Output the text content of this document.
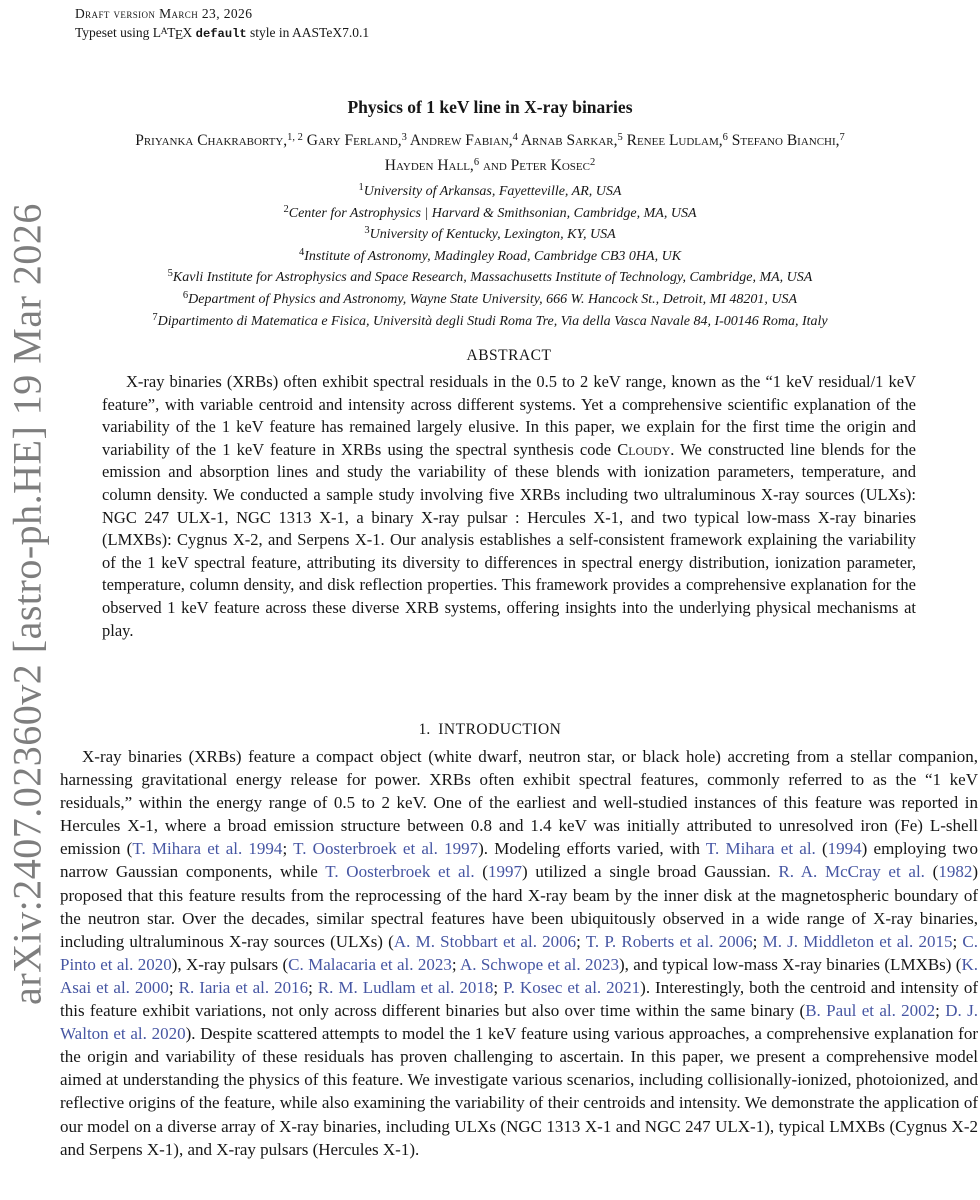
arXiv:2407.02360v2 [astro-ph.HE] 19 Mar 2026
Draft version March 23, 2026
Typeset using $L^ATEX$ default style in AASTeX7.0.1
Physics of 1 keV line in X-ray binaries
Priyanka Chakraborty,$^{1, 2}$ Gary Ferland,$^3$ Andrew Fabian,$^4$ Arnab Sarkar,$^5$ Renee Ludlam,$^6$ Stefano Bianchi,$^7$
Hayden Hall,$^6$ and Peter Kosec$^2$
$^1$University of Arkansas, Fayetteville, AR, USA
$^2$Center for Astrophysics | Harvard & Smithsonian, Cambridge, MA, USA
$^3$University of Kentucky, Lexington, KY, USA
$^4$Institute of Astronomy, Madingley Road, Cambridge CB3 0HA, UK
$^5$Kavli Institute for Astrophysics and Space Research, Massachusetts Institute of Technology, Cambridge, MA, USA
$^6$Department of Physics and Astronomy, Wayne State University, 666 W. Hancock St., Detroit, MI 48201, USA
$^7$Dipartimento di Matematica e Fisica, Università degli Studi Roma Tre, Via della Vasca Navale 84, I-00146 Roma, Italy
ABSTRACT
X-ray binaries (XRBs) often exhibit spectral residuals in the 0.5 to 2 keV range, known as the “1 keV residual/1 keV feature”, with variable centroid and intensity across different systems. Yet a comprehensive scientific explanation of the variability of the 1 keV feature has remained largely elusive. In this paper, we explain for the first time the origin and variability of the 1 keV feature in XRBs using the spectral synthesis code Cloudy. We constructed line blends for the emission and absorption lines and study the variability of these blends with ionization parameters, temperature, and column density. We conducted a sample study involving five XRBs including two ultraluminous X-ray sources (ULXs): NGC 247 ULX-1, NGC 1313 X-1, a binary X-ray pulsar : Hercules X-1, and two typical low-mass X-ray binaries (LMXBs): Cygnus X-2, and Serpens X-1. Our analysis establishes a self-consistent framework explaining the variability of the 1 keV spectral feature, attributing its diversity to differences in spectral energy distribution, ionization parameter, temperature, column density, and disk reflection properties. This framework provides a comprehensive explanation for the observed 1 keV feature across these diverse XRB systems, offering insights into the underlying physical mechanisms at play.
1. INTRODUCTION
X-ray binaries (XRBs) feature a compact object (white dwarf, neutron star, or black hole) accreting from a stellar companion, harnessing gravitational energy release for power. XRBs often exhibit spectral features, commonly referred to as the “1 keV residuals,” within the energy range of 0.5 to 2 keV. One of the earliest and well-studied instances of this feature was reported in Hercules X-1, where a broad emission structure between 0.8 and 1.4 keV was initially attributed to unresolved iron (Fe) L-shell emission (T. Mihara et al. 1994; T. Oosterbroek et al. 1997). Modeling efforts varied, with T. Mihara et al. (1994) employing two narrow Gaussian components, while T. Oosterbroek et al. (1997) utilized a single broad Gaussian. R. A. McCray et al. (1982) proposed that this feature results from the reprocessing of the hard X-ray beam by the inner disk at the magnetospheric boundary of the neutron star. Over the decades, similar spectral features have been ubiquitously observed in a wide range of X-ray binaries, including ultraluminous X-ray sources (ULXs) (A. M. Stobbart et al. 2006; T. P. Roberts et al. 2006; M. J. Middleton et al. 2015; C. Pinto et al. 2020), X-ray pulsars (C. Malacaria et al. 2023; A. Schwope et al. 2023), and typical low-mass X-ray binaries (LMXBs) (K. Asai et al. 2000; R. Iaria et al. 2016; R. M. Ludlam et al. 2018; P. Kosec et al. 2021). Interestingly, both the centroid and intensity of this feature exhibit variations, not only across different binaries but also over time within the same binary (B. Paul et al. 2002; D. J. Walton et al. 2020). Despite scattered attempts to model the 1 keV feature using various approaches, a comprehensive explanation for the origin and variability of these residuals has proven challenging to ascertain. In this paper, we present a comprehensive model aimed at understanding the physics of this feature. We investigate various scenarios, including collisionally-ionized, photoionized, and reflective origins of the feature, while also examining the variability of their centroids and intensity. We demonstrate the application of our model on a diverse array of X-ray binaries, including ULXs (NGC 1313 X-1 and NGC 247 ULX-1), typical LMXBs (Cygnus X-2 and Serpens X-1), and X-ray pulsars (Hercules X-1).
